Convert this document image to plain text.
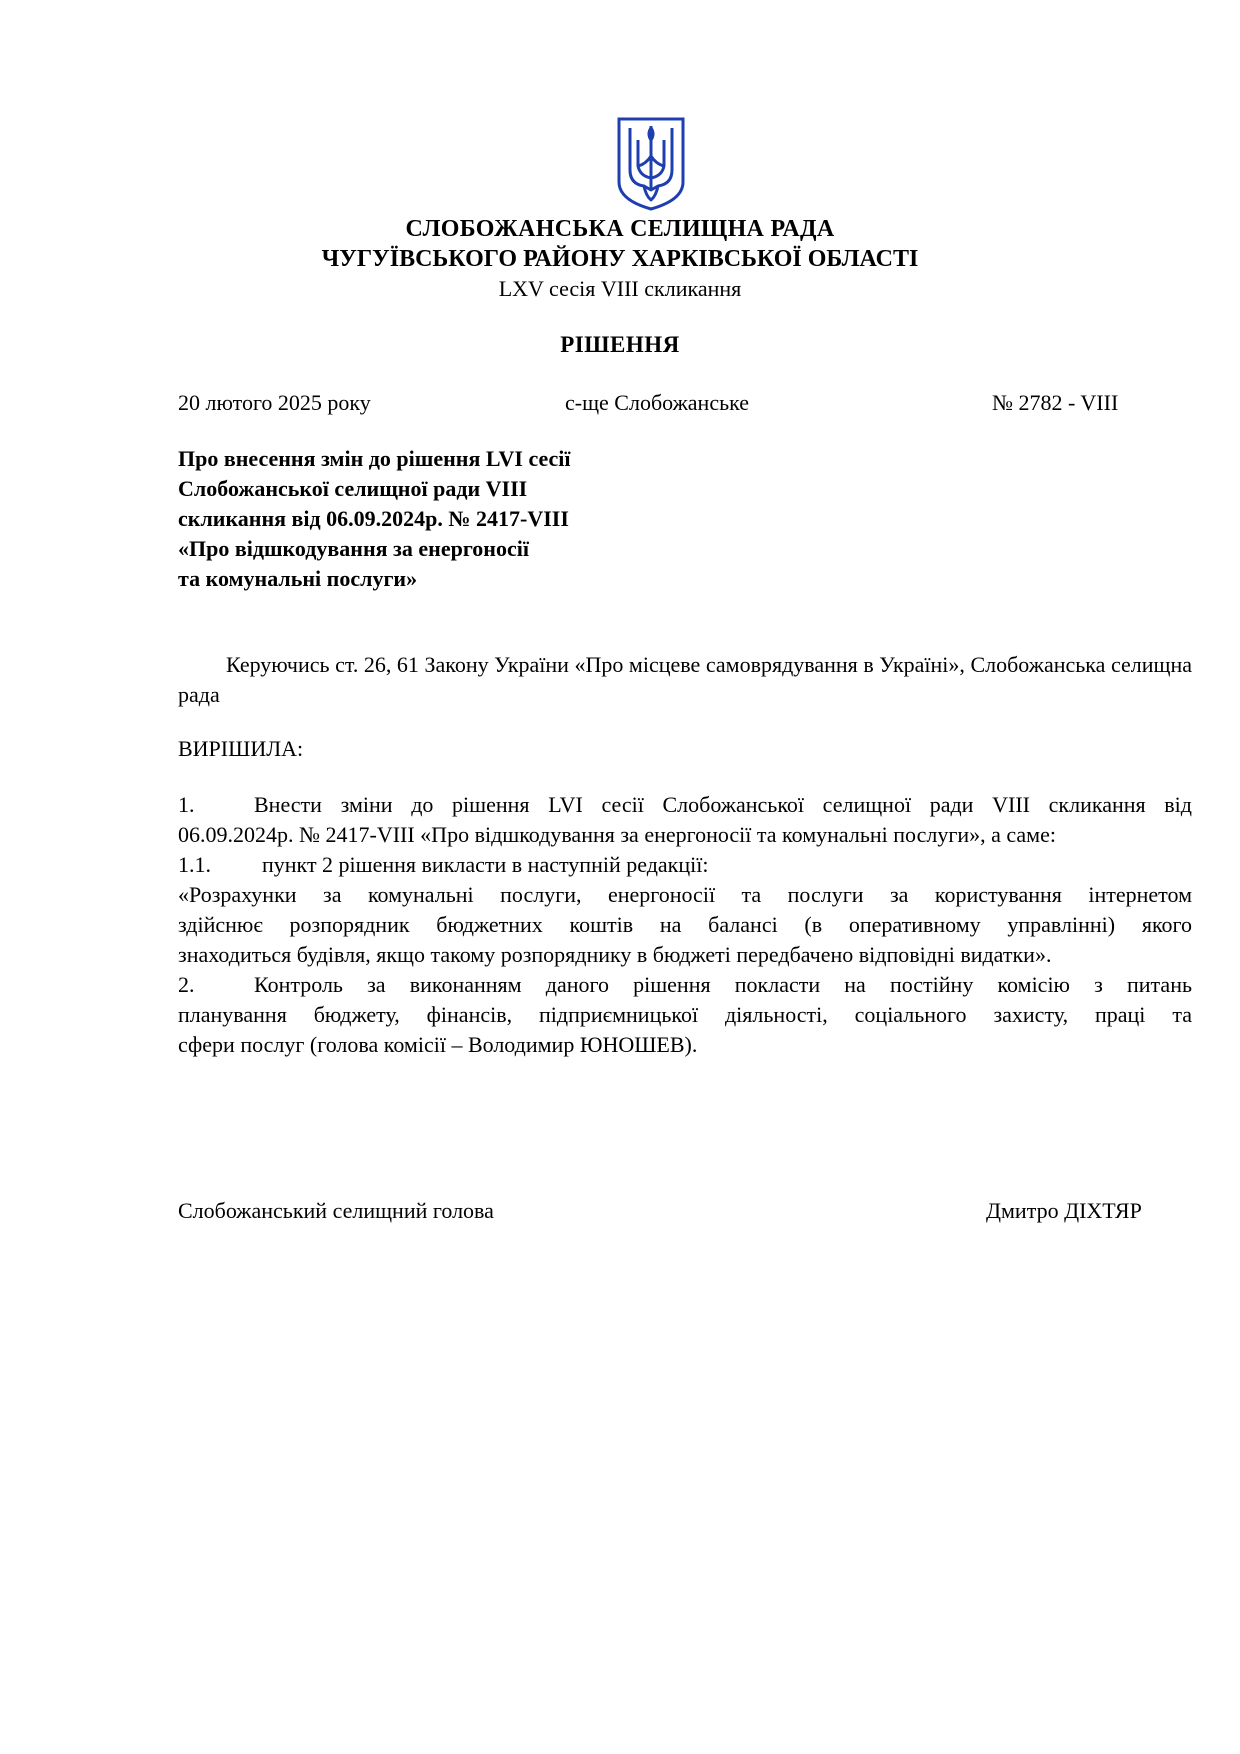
СЛОБОЖАНСЬКА СЕЛИЩНА РАДА
ЧУГУЇВСЬКОГО РАЙОНУ ХАРКІВСЬКОЇ ОБЛАСТІ
LXV сесія VIII скликання
РІШЕННЯ
20 лютого 2025 року	с-ще Слобожанське	№ 2782 - VIII
Про внесення змін до рішення LVI сесії
Слобожанської селищної ради VIII
скликання від 06.09.2024р. № 2417-VIII
«Про відшкодування за енергоносії
та комунальні послуги»
Керуючись ст. 26, 61 Закону України «Про місцеве самоврядування в Україні», Слобожанська селищна рада
ВИРІШИЛА:
1.	Внести зміни до рішення LVI сесії Слобожанської селищної ради VIII скликання від
06.09.2024р. № 2417-VIII «Про відшкодування за енергоносії та комунальні послуги», а саме:
1.1. пункт 2 рішення викласти в наступній редакції:
«Розрахунки за комунальні послуги, енергоносії та послуги за користування інтернетом
здійснює розпорядник бюджетних коштів на балансі (в оперативному управлінні) якого
знаходиться будівля, якщо такому розпоряднику в бюджеті передбачено відповідні видатки».
2.	Контроль за виконанням даного рішення покласти на постійну комісію з питань
планування бюджету, фінансів, підприємницької діяльності, соціального захисту, праці та
сфери послуг (голова комісії – Володимир ЮНОШЕВ).
Слобожанський селищний голова	Дмитро ДІХТЯР
